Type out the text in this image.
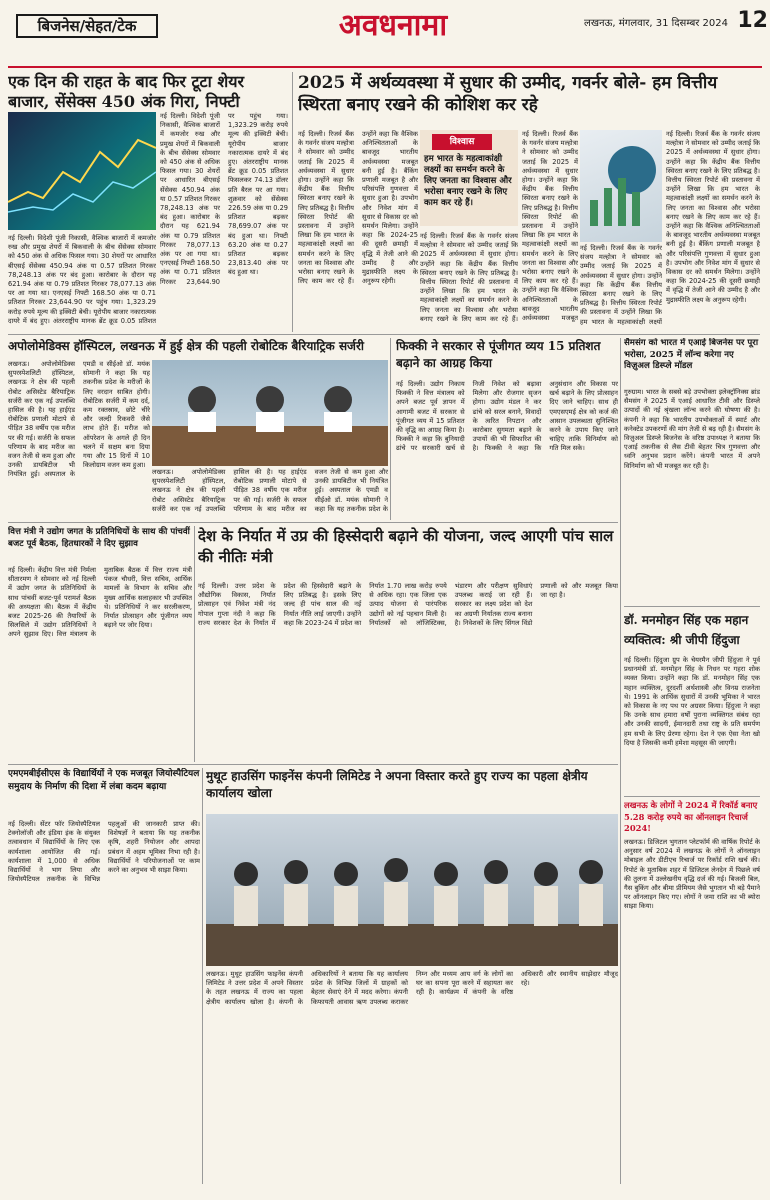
बिजनेस/सेहत/टेक	अवधनामा	लखनऊ, मंगलवार, 31 दिसम्बर 2024 12
एक दिन की राहत के बाद फिर टूटा शेयर बाजार, सेंसेक्स 450 अंक गिरा, निफ्टी
नई दिल्ली। विदेशी पूंजी निकासी, वैश्विक बाजारों में कमजोर रुख और प्रमुख शेयरों में बिकवाली के बीच सेंसेक्स सोमवार को 450 अंक से अधिक फिसल गया। 30 शेयरों पर आधारित बीएसई सेंसेक्स 450.94 अंक या 0.57 प्रतिशत गिरकर 78,248.13 अंक पर बंद हुआ। कारोबार के दौरान यह 621.94 अंक या 0.79 प्रतिशत गिरकर 78,077.13 अंक पर आ गया था। एनएसई निफ्टी 168.50 अंक या 0.71 प्रतिशत गिरकर 23,644.90 पर पहुंच गया। 1,323.29 करोड़ रुपये मूल्य की इक्विटी बेची। यूरोपीय बाजार नकारात्मक दायरे में बंद हुए। अंतरराष्ट्रीय मानक ब्रेंट क्रूड 0.05 प्रतिशत
नई दिल्ली। विदेशी पूंजी निकासी, वैश्विक बाजारों में कमजोर रुख और प्रमुख शेयरों में बिकवाली के बीच सेंसेक्स सोमवार को 450 अंक से अधिक फिसल गया। 30 शेयरों पर आधारित बीएसई सेंसेक्स 450.94 अंक या 0.57 प्रतिशत गिरकर 78,248.13 अंक पर बंद हुआ। कारोबार के दौरान यह 621.94 अंक या 0.79 प्रतिशत गिरकर 78,077.13 अंक पर आ गया था। एनएसई निफ्टी 168.50 अंक या 0.71 प्रतिशत गिरकर 23,644.90 पर पहुंच गया। 1,323.29 करोड़ रुपये मूल्य की इक्विटी बेची। यूरोपीय बाजार नकारात्मक दायरे में बंद हुए। अंतरराष्ट्रीय मानक ब्रेंट क्रूड 0.05 प्रतिशत फिसलकर 74.13 डॉलर प्रति बैरल पर आ गया। शुक्रवार को सेंसेक्स 226.59 अंक या 0.29 प्रतिशत बढ़कर 78,699.07 अंक पर बंद हुआ था। निफ्टी 63.20 अंक या 0.27 प्रतिशत बढ़कर 23,813.40 अंक पर बंद हुआ था।
2025 में अर्थव्यवस्था में सुधार की उम्मीद, गवर्नर बोले- हम वित्तीय स्थिरता बनाए रखने की कोशिश कर रहे
नई दिल्ली। रिजर्व बैंक के गवर्नर संजय मल्होत्रा ने सोमवार को उम्मीद जताई कि 2025 में अर्थव्यवस्था में सुधार होगा। उन्होंने कहा कि केंद्रीय बैंक वित्तीय स्थिरता बनाए रखने के लिए प्रतिबद्ध है। वित्तीय स्थिरता रिपोर्ट की प्रस्तावना में उन्होंने लिखा कि हम भारत के महत्वाकांक्षी लक्ष्यों का समर्थन करने के लिए जनता का विश्वास और भरोसा बनाए रखने के लिए काम कर रहे हैं। उन्होंने कहा कि वैश्विक अनिश्चितताओं के बावजूद भारतीय अर्थव्यवस्था मजबूत बनी हुई है। बैंकिंग प्रणाली मजबूत है और परिसंपत्ति गुणवत्ता में सुधार हुआ है। उपभोग और निवेश मांग में सुधार से विकास दर को समर्थन मिलेगा। उन्होंने कहा कि 2024-25 की दूसरी छमाही में वृद्धि में तेजी आने की उम्मीद है और मुद्रास्फीति लक्ष्य के अनुरूप रहेगी।
विश्वास
हम भारत के महत्वाकांक्षी लक्ष्यों का समर्थन करने के लिए जनता का विश्वास और भरोसा बनाए रखने के लिए काम कर रहे हैं।
नई दिल्ली। रिजर्व बैंक के गवर्नर संजय मल्होत्रा ने सोमवार को उम्मीद जताई कि 2025 में अर्थव्यवस्था में सुधार होगा। उन्होंने कहा कि केंद्रीय बैंक वित्तीय स्थिरता बनाए रखने के लिए प्रतिबद्ध है। वित्तीय स्थिरता रिपोर्ट की प्रस्तावना में उन्होंने लिखा कि हम भारत के महत्वाकांक्षी लक्ष्यों का समर्थन करने के लिए जनता का विश्वास और भरोसा बनाए रखने के लिए काम कर रहे हैं।
नई दिल्ली। रिजर्व बैंक के गवर्नर संजय मल्होत्रा ने सोमवार को उम्मीद जताई कि 2025 में अर्थव्यवस्था में सुधार होगा। उन्होंने कहा कि केंद्रीय बैंक वित्तीय स्थिरता बनाए रखने के लिए प्रतिबद्ध है। वित्तीय स्थिरता रिपोर्ट की प्रस्तावना में उन्होंने लिखा कि हम भारत के महत्वाकांक्षी लक्ष्यों का समर्थन करने के लिए जनता का विश्वास और भरोसा बनाए रखने के लिए काम कर रहे हैं। उन्होंने कहा कि वैश्विक अनिश्चितताओं के बावजूद भारतीय अर्थव्यवस्था मजबूत
नई दिल्ली। रिजर्व बैंक के गवर्नर संजय मल्होत्रा ने सोमवार को उम्मीद जताई कि 2025 में अर्थव्यवस्था में सुधार होगा। उन्होंने कहा कि केंद्रीय बैंक वित्तीय स्थिरता बनाए रखने के लिए प्रतिबद्ध है। वित्तीय स्थिरता रिपोर्ट की प्रस्तावना में उन्होंने लिखा कि हम भारत के महत्वाकांक्षी लक्ष्यों
नई दिल्ली। रिजर्व बैंक के गवर्नर संजय मल्होत्रा ने सोमवार को उम्मीद जताई कि 2025 में अर्थव्यवस्था में सुधार होगा। उन्होंने कहा कि केंद्रीय बैंक वित्तीय स्थिरता बनाए रखने के लिए प्रतिबद्ध है। वित्तीय स्थिरता रिपोर्ट की प्रस्तावना में उन्होंने लिखा कि हम भारत के महत्वाकांक्षी लक्ष्यों का समर्थन करने के लिए जनता का विश्वास और भरोसा बनाए रखने के लिए काम कर रहे हैं। उन्होंने कहा कि वैश्विक अनिश्चितताओं के बावजूद भारतीय अर्थव्यवस्था मजबूत बनी हुई है। बैंकिंग प्रणाली मजबूत है और परिसंपत्ति गुणवत्ता में सुधार हुआ है। उपभोग और निवेश मांग में सुधार से विकास दर को समर्थन मिलेगा। उन्होंने कहा कि 2024-25 की दूसरी छमाही में वृद्धि में तेजी आने की उम्मीद है और मुद्रास्फीति लक्ष्य के अनुरूप रहेगी।
अपोलोमेडिक्स हॉस्पिटल, लखनऊ में हुई क्षेत्र की पहली रोबोटिक बैरियाट्रिक सर्जरी
लखनऊ। अपोलोमेडिक्स सुपरस्पेशलिटी हॉस्पिटल, लखनऊ ने क्षेत्र की पहली रोबोट असिस्टेड बैरियाट्रिक सर्जरी कर एक नई उपलब्धि हासिल की है। यह हाईएंड रोबोटिक प्रणाली मोटापे से पीड़ित 38 वर्षीय एक मरीज पर की गई। सर्जरी के सफल परिणाम के बाद मरीज का वजन तेजी से कम हुआ और उनकी डायबिटीज भी नियंत्रित हुई। अस्पताल के एमडी व सीईओ डॉ. मयंक सोमानी ने कहा कि यह तकनीक प्रदेश के मरीजों के लिए वरदान साबित होगी। रोबोटिक सर्जरी में कम दर्द, कम रक्तस्राव, छोटे चीरे और जल्दी रिकवरी जैसे लाभ होते हैं। मरीज को ऑपरेशन के अगले ही दिन चलने में सक्षम बना दिया गया और 15 दिनों में 10 किलोग्राम वजन कम हुआ।
लखनऊ। अपोलोमेडिक्स सुपरस्पेशलिटी हॉस्पिटल, लखनऊ ने क्षेत्र की पहली रोबोट असिस्टेड बैरियाट्रिक सर्जरी कर एक नई उपलब्धि हासिल की है। यह हाईएंड रोबोटिक प्रणाली मोटापे से पीड़ित 38 वर्षीय एक मरीज पर की गई। सर्जरी के सफल परिणाम के बाद मरीज का वजन तेजी से कम हुआ और उनकी डायबिटीज भी नियंत्रित हुई। अस्पताल के एमडी व सीईओ डॉ. मयंक सोमानी ने कहा कि यह तकनीक प्रदेश के
फिक्की ने सरकार से पूंजीगत व्यय 15 प्रतिशत बढ़ाने का आग्रह किया
नई दिल्ली। उद्योग निकाय फिक्की ने वित्त मंत्रालय को अपने बजट पूर्व ज्ञापन में आगामी बजट में सरकार से पूंजीगत व्यय में 15 प्रतिशत की वृद्धि का आग्रह किया है। फिक्की ने कहा कि बुनियादी ढांचे पर सरकारी खर्च से निजी निवेश को बढ़ावा मिलेगा और रोजगार सृजन होगा। उद्योग मंडल ने कर ढांचे को सरल बनाने, विवादों के त्वरित निपटान और कारोबार सुगमता बढ़ाने के उपायों की भी सिफारिश की है। फिक्की ने कहा कि अनुसंधान और विकास पर खर्च बढ़ाने के लिए प्रोत्साहन दिए जाने चाहिए। साथ ही एमएसएमई क्षेत्र को कर्ज की आसान उपलब्धता सुनिश्चित करने के उपाय किए जाने चाहिए ताकि विनिर्माण को गति मिल सके।
सैमसंग को भारत में एआई बिजनेस पर पूरा भरोसा, 2025 में लॉन्च करेगा नए विज़ुअल डिस्प्ले मॉडल
गुरुग्राम। भारत के सबसे बड़े उपभोक्ता इलेक्ट्रॉनिक्स ब्रांड सैमसंग ने 2025 में एआई आधारित टीवी और डिस्प्ले उत्पादों की नई श्रृंखला लॉन्च करने की घोषणा की है। कंपनी ने कहा कि भारतीय उपभोक्ताओं में स्मार्ट और कनेक्टेड उपकरणों की मांग तेजी से बढ़ रही है। सैमसंग के विज़ुअल डिस्प्ले बिजनेस के वरिष्ठ उपाध्यक्ष ने बताया कि एआई तकनीक से लैस टीवी बेहतर चित्र गुणवत्ता और ध्वनि अनुभव प्रदान करेंगे। कंपनी भारत में अपने विनिर्माण को भी मजबूत कर रही है।
डॉ. मनमोहन सिंह एक महान व्यक्तित्व: श्री जीपी हिंदुजा
नई दिल्ली। हिंदुजा ग्रुप के चेयरमैन जीपी हिंदुजा ने पूर्व प्रधानमंत्री डॉ. मनमोहन सिंह के निधन पर गहरा शोक व्यक्त किया। उन्होंने कहा कि डॉ. मनमोहन सिंह एक महान व्यक्तित्व, दूरदर्शी अर्थशास्त्री और विनम्र राजनेता थे। 1991 के आर्थिक सुधारों में उनकी भूमिका ने भारत को विकास के नए पथ पर अग्रसर किया। हिंदुजा ने कहा कि उनके साथ हमारा वर्षों पुराना व्यक्तिगत संबंध रहा और उनकी सादगी, ईमानदारी तथा राष्ट्र के प्रति समर्पण हम सभी के लिए प्रेरणा रहेगा। देश ने एक ऐसा नेता खो दिया है जिसकी कमी हमेशा महसूस की जाएगी।
लखनऊ के लोगों ने 2024 में रिकॉर्ड बनाए 5.28 करोड़ रुपये का ऑनलाइन रिचार्ज 2024!
लखनऊ। डिजिटल भुगतान प्लेटफॉर्म की वार्षिक रिपोर्ट के अनुसार वर्ष 2024 में लखनऊ के लोगों ने ऑनलाइन मोबाइल और डीटीएच रिचार्ज पर रिकॉर्ड राशि खर्च की। रिपोर्ट के मुताबिक शहर में डिजिटल लेनदेन में पिछले वर्ष की तुलना में उल्लेखनीय वृद्धि दर्ज की गई। बिजली बिल, गैस बुकिंग और बीमा प्रीमियम जैसे भुगतान भी बड़े पैमाने पर ऑनलाइन किए गए। लोगों ने जमा राशि का भी ब्योरा साझा किया।
वित्त मंत्री ने उद्योग जगत के प्रतिनिधियों के साथ की पांचवीं बजट पूर्व बैठक, हितधारकों ने दिए सुझाव
नई दिल्ली। केंद्रीय वित्त मंत्री निर्मला सीतारमण ने सोमवार को नई दिल्ली में उद्योग जगत के प्रतिनिधियों के साथ पांचवीं बजट-पूर्व परामर्श बैठक की अध्यक्षता की। बैठक में केंद्रीय बजट 2025-26 की तैयारियों के सिलसिले में उद्योग प्रतिनिधियों ने अपने सुझाव दिए। वित्त मंत्रालय के मुताबिक बैठक में वित्त राज्य मंत्री पंकज चौधरी, वित्त सचिव, आर्थिक मामलों के विभाग के सचिव और मुख्य आर्थिक सलाहकार भी उपस्थित थे। प्रतिनिधियों ने कर सरलीकरण, निर्यात प्रोत्साहन और पूंजीगत व्यय बढ़ाने पर जोर दिया।
देश के निर्यात में उप्र की हिस्सेदारी बढ़ाने की योजना, जल्द आएगी पांच साल की नीतिः मंत्री
नई दिल्ली। उत्तर प्रदेश के औद्योगिक विकास, निर्यात प्रोत्साहन एवं निवेश मंत्री नंद गोपाल गुप्ता नंदी ने कहा कि राज्य सरकार देश के निर्यात में प्रदेश की हिस्सेदारी बढ़ाने के लिए प्रतिबद्ध है। इसके लिए जल्द ही पांच साल की नई निर्यात नीति लाई जाएगी। उन्होंने कहा कि 2023-24 में प्रदेश का निर्यात 1.70 लाख करोड़ रुपये से अधिक रहा। एक जिला एक उत्पाद योजना से पारंपरिक उद्योगों को नई पहचान मिली है। निर्यातकों को लॉजिस्टिक्स, भंडारण और परीक्षण सुविधाएं उपलब्ध कराई जा रही हैं। सरकार का लक्ष्य प्रदेश को देश का अग्रणी निर्यातक राज्य बनाना है। निवेशकों के लिए सिंगल विंडो प्रणाली को और मजबूत किया जा रहा है।
एमएमबीईसीएस के विद्यार्थियों ने एक मजबूत जियोस्पैटियल समुदाय के निर्माण की दिशा में लंबा कदम बढ़ाया
नई दिल्ली। सेंटर फॉर जियोस्पैटियल टेक्नोलॉजी और इंडिया इंक के संयुक्त तत्वावधान में विद्यार्थियों के लिए एक कार्यशाला आयोजित की गई। कार्यशाला में 1,000 से अधिक विद्यार्थियों ने भाग लिया और जियोस्पैटियल तकनीक के विभिन्न पहलुओं की जानकारी प्राप्त की। विशेषज्ञों ने बताया कि यह तकनीक कृषि, शहरी नियोजन और आपदा प्रबंधन में अहम भूमिका निभा रही है। विद्यार्थियों ने परियोजनाओं पर काम करने का अनुभव भी साझा किया।
मुथूट हाउसिंग फाइनेंस कंपनी लिमिटेड ने अपना विस्तार करते हुए राज्य का पहला क्षेत्रीय कार्यालय खोला
लखनऊ। मुथूट हाउसिंग फाइनेंस कंपनी लिमिटेड ने उत्तर प्रदेश में अपने विस्तार के तहत लखनऊ में राज्य का पहला क्षेत्रीय कार्यालय खोला है। कंपनी के अधिकारियों ने बताया कि यह कार्यालय प्रदेश के विभिन्न जिलों में ग्राहकों को बेहतर सेवाएं देने में मदद करेगा। कंपनी किफायती आवास ऋण उपलब्ध कराकर निम्न और मध्यम आय वर्ग के लोगों का घर का सपना पूरा करने में सहायता कर रही है। कार्यक्रम में कंपनी के वरिष्ठ अधिकारी और स्थानीय साझेदार मौजूद रहे।
